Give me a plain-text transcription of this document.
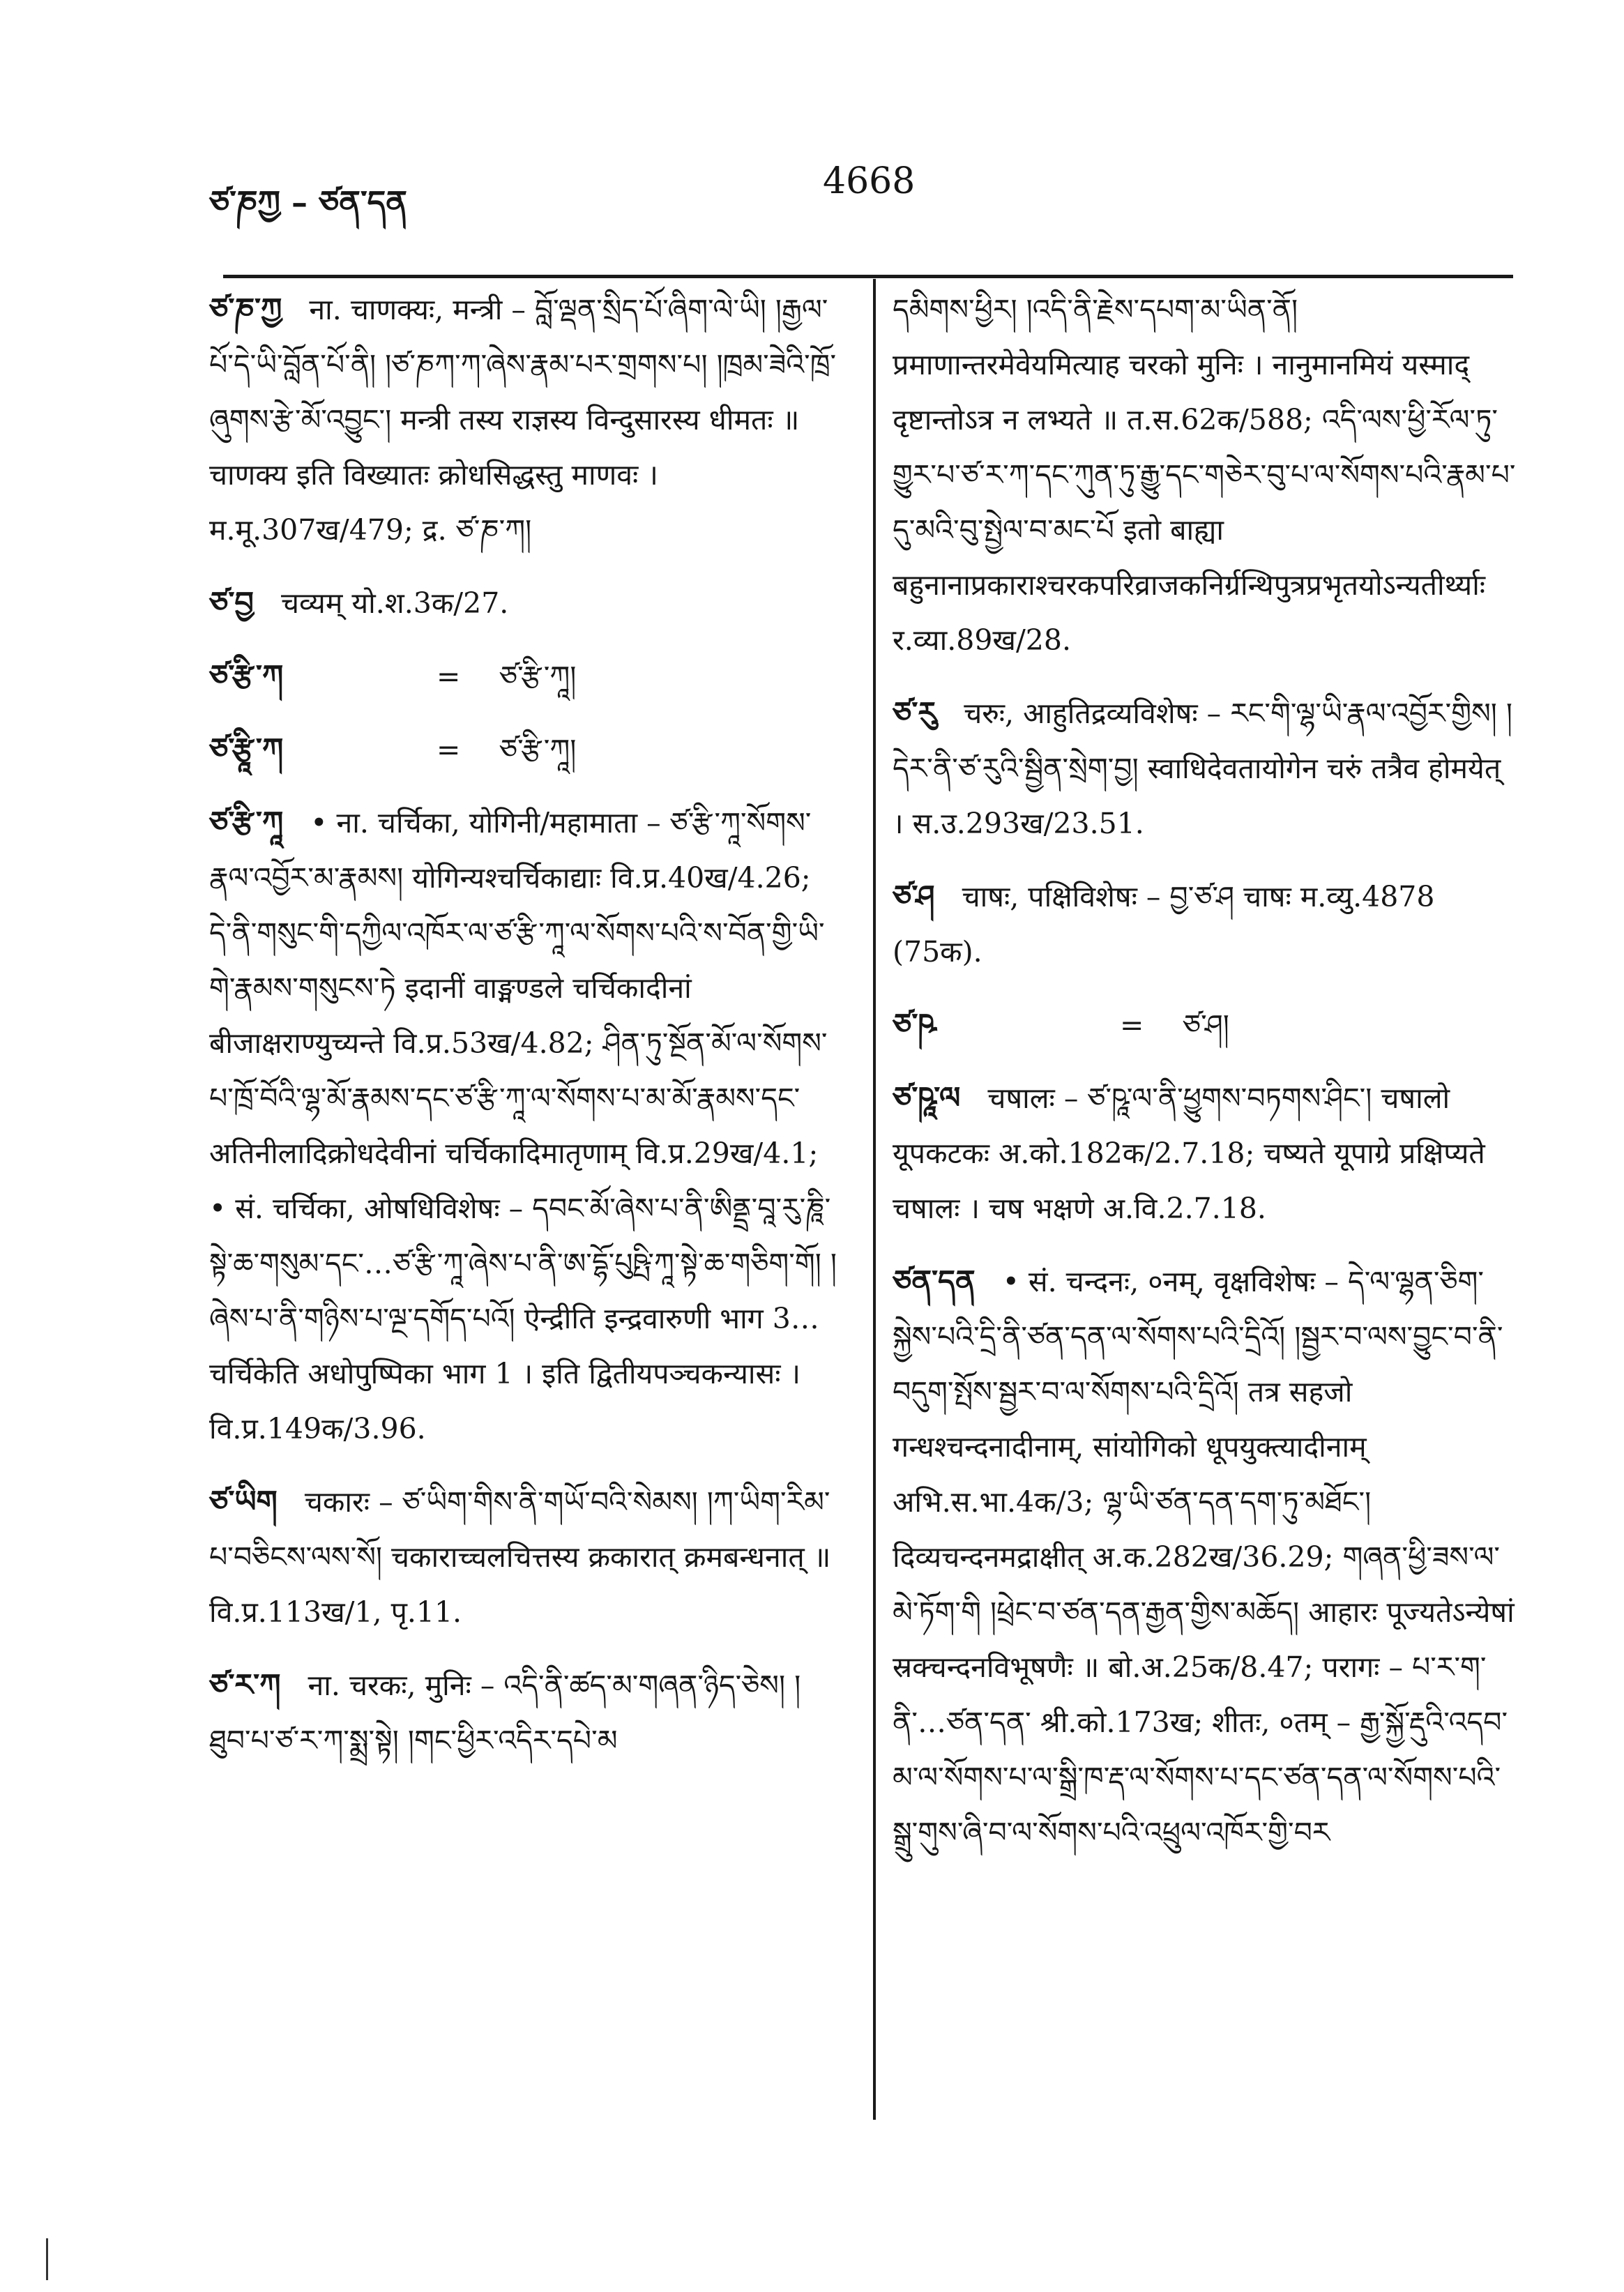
ཙ་ཎཀྱ – ཙན་དན	4668
ཙ་ཎ་ཀྱ ना. चाणक्यः, मन्त्री – བློ་ལྡན་སྲིད་པོ་ཞིག་ལེ་ཡི། །རྒྱལ་པོ་དེ་ཡི་བློན་པོ་ནི། །ཙ་ཎཀ་ཀ་ཞེས་རྣམ་པར་གྲགས་པ། །ཁྲམ་ཟེའི་ཁྲོ་ཞུགས་རྩེ་མོ་འབྱུང་། मन्त्री तस्य राज्ञस्य विन्दुसारस्य धीमतः ॥ चाणक्य इति विख्यातः क्रोधसिद्धस्तु माणवः । म.मू.307ख/479; द्र. ཙ་ཎ་ཀ།
ཙ་བྱ चव्यम् यो.श.3क/27.
ཙ་རྩི་ཀ	=	ཙ་རྩི་ཀཱ།
ཙ་རྩཱི་ཀ	=	ཙ་རྩི་ཀཱ།
ཙ་རྩི་ཀཱ • ना. चर्चिका, योगिनी/महामाता – ཙ་རྩི་ཀཱ་སོགས་རྣལ་འབྱོར་མ་རྣམས། योगिन्यश्चर्चिकाद्याः वि.प्र.40ख/4.26; དེ་ནི་གསུང་གི་དཀྱིལ་འཁོར་ལ་ཙ་རྩི་ཀཱ་ལ་སོགས་པའི་ས་བོན་གྱི་ཡི་གེ་རྣམས་གསུངས་ཏེ इदानीं वाङ्मण्डले चर्चिकादीनां बीजाक्षराण्युच्यन्ते वि.प्र.53ख/4.82; ཤིན་ཏུ་སྔོན་མོ་ལ་སོགས་པ་ཁྲོ་བོའི་ལྷ་མོ་རྣམས་དང་ཙ་རྩི་ཀཱ་ལ་སོགས་པ་མ་མོ་རྣམས་དང་ अतिनीलादिक्रोधदेवीनां चर्चिकादिमातृणाम् वि.प्र.29ख/4.1; • सं. चर्चिका, ओषधिविशेषः – དབང་མོ་ཞེས་པ་ནི་ཨིནྡྲ་བཱ་རུ་ཎཱི་སྟེ་ཆ་གསུམ་དང་…ཙ་རྩི་ཀཱ་ཞེས་པ་ནི་ཨ་དྷོ་པུཥྤི་ཀཱ་སྟེ་ཆ་གཅིག་གོ། །ཞེས་པ་ནི་གཉིས་པ་ལྔ་དགོད་པའོ། ऐन्द्रीति इन्द्रवारुणी भाग 3…चर्चिकेति अधोपुष्पिका भाग 1 । इति द्वितीयपञ्चकन्यासः । वि.प्र.149क/3.96.
ཙ་ཡིག चकारः – ཙ་ཡིག་གིས་ནི་གཡོ་བའི་སེམས། །ཀ་ཡིག་རིམ་པ་བཅིངས་ལས་སོ། चकाराच्चलचित्तस्य क्रकारात् क्रमबन्धनात् ॥ वि.प्र.113ख/1, पृ.11.
ཙ་ར་ཀ ना. चरकः, मुनिः – འདི་ནི་ཚད་མ་གཞན་ཉིད་ཅེས། །ཐུབ་པ་ཙ་ར་ཀ་སྨྲ་སྟེ། །གང་ཕྱིར་འདིར་དཔེ་མ
དམིགས་ཕྱིར། །འདི་ནི་རྗེས་དཔག་མ་ཡིན་ནོ། प्रमाणान्तरमेवेयमित्याह चरको मुनिः । नानुमानमियं यस्माद् दृष्टान्तोऽत्र न लभ्यते ॥ त.स.62क/588; འདི་ལས་ཕྱི་རོལ་ཏུ་གྱུར་པ་ཙ་ར་ཀ་དང་ཀུན་ཏུ་རྒྱུ་དང་གཅེར་བུ་པ་ལ་སོགས་པའི་རྣམ་པ་དུ་མའི་བུ་སྤྱེལ་བ་མང་པོ इतो बाह्या बहुनानाप्रकाराश्चरकपरिव्राजकनिर्ग्रन्थिपुत्रप्रभृतयोऽन्यतीर्थ्याः र.व्या.89ख/28.
ཙ་རུ चरुः, आहुतिद्रव्यविशेषः – རང་གི་ལྷ་ཡི་རྣལ་འབྱོར་གྱིས། །དེར་ནི་ཙ་རུའི་སྦྱིན་སྲེག་བྱ། स्वाधिदेवतायोगेन चरुं तत्रैव होमयेत् । स.उ.293ख/23.51.
ཙ་ཤ चाषः, पक्षिविशेषः – བྱ་ཙ་ཤ चाषः म.व्यु.4878 (75क).
ཙ་ཥ	=	ཙ་ཤ།
ཙ་ཥཱ་ལ चषालः – ཙ་ཥཱ་ལ་ནི་ཕྱུགས་བཏགས་ཤིང་། चषालो यूपकटकः अ.को.182क/2.7.18; चष्यते यूपाग्रे प्रक्षिप्यते चषालः । चष भक्षणे अ.वि.2.7.18.
ཙན་དན • सं. चन्दनः, ०नम्, वृक्षविशेषः – དེ་ལ་ལྷན་ཅིག་སྐྱེས་པའི་དྲི་ནི་ཙན་དན་ལ་སོགས་པའི་དྲིའོ། །སྦྱར་བ་ལས་བྱུང་བ་ནི་བདུག་སྤོས་སྦྱར་བ་ལ་སོགས་པའི་དྲིའོ། तत्र सहजो गन्धश्चन्दनादीनाम्, सांयोगिको धूपयुक्त्यादीनाम् अभि.स.भा.4क/3; ལྷ་ཡི་ཙན་དན་དག་ཏུ་མཐོང་། दिव्यचन्दनमद्राक्षीत् अ.क.282ख/36.29; གཞན་ཕྱི་ཟས་ལ་མེ་ཏོག་གི །ཕྲེང་བ་ཙན་དན་རྒྱན་གྱིས་མཆོད། आहारः पूज्यतेऽन्येषां स्रक्चन्दनविभूषणैः ॥ बो.अ.25क/8.47; परागः – པ་ར་ག་ནི་…ཙན་དན་ श्री.को.173ख; शीतः, ०तम् – རྒྱ་སྐྱོ་རྡུའི་འདབ་མ་ལ་སོགས་པ་ལ་སྒྲི་ཁ་རྡ་ལ་སོགས་པ་དང་ཙན་དན་ལ་སོགས་པའི་སྒྲུ་གུས་ཞི་བ་ལ་སོགས་པའི་འཕྲུལ་འཁོར་གྱི་བར
